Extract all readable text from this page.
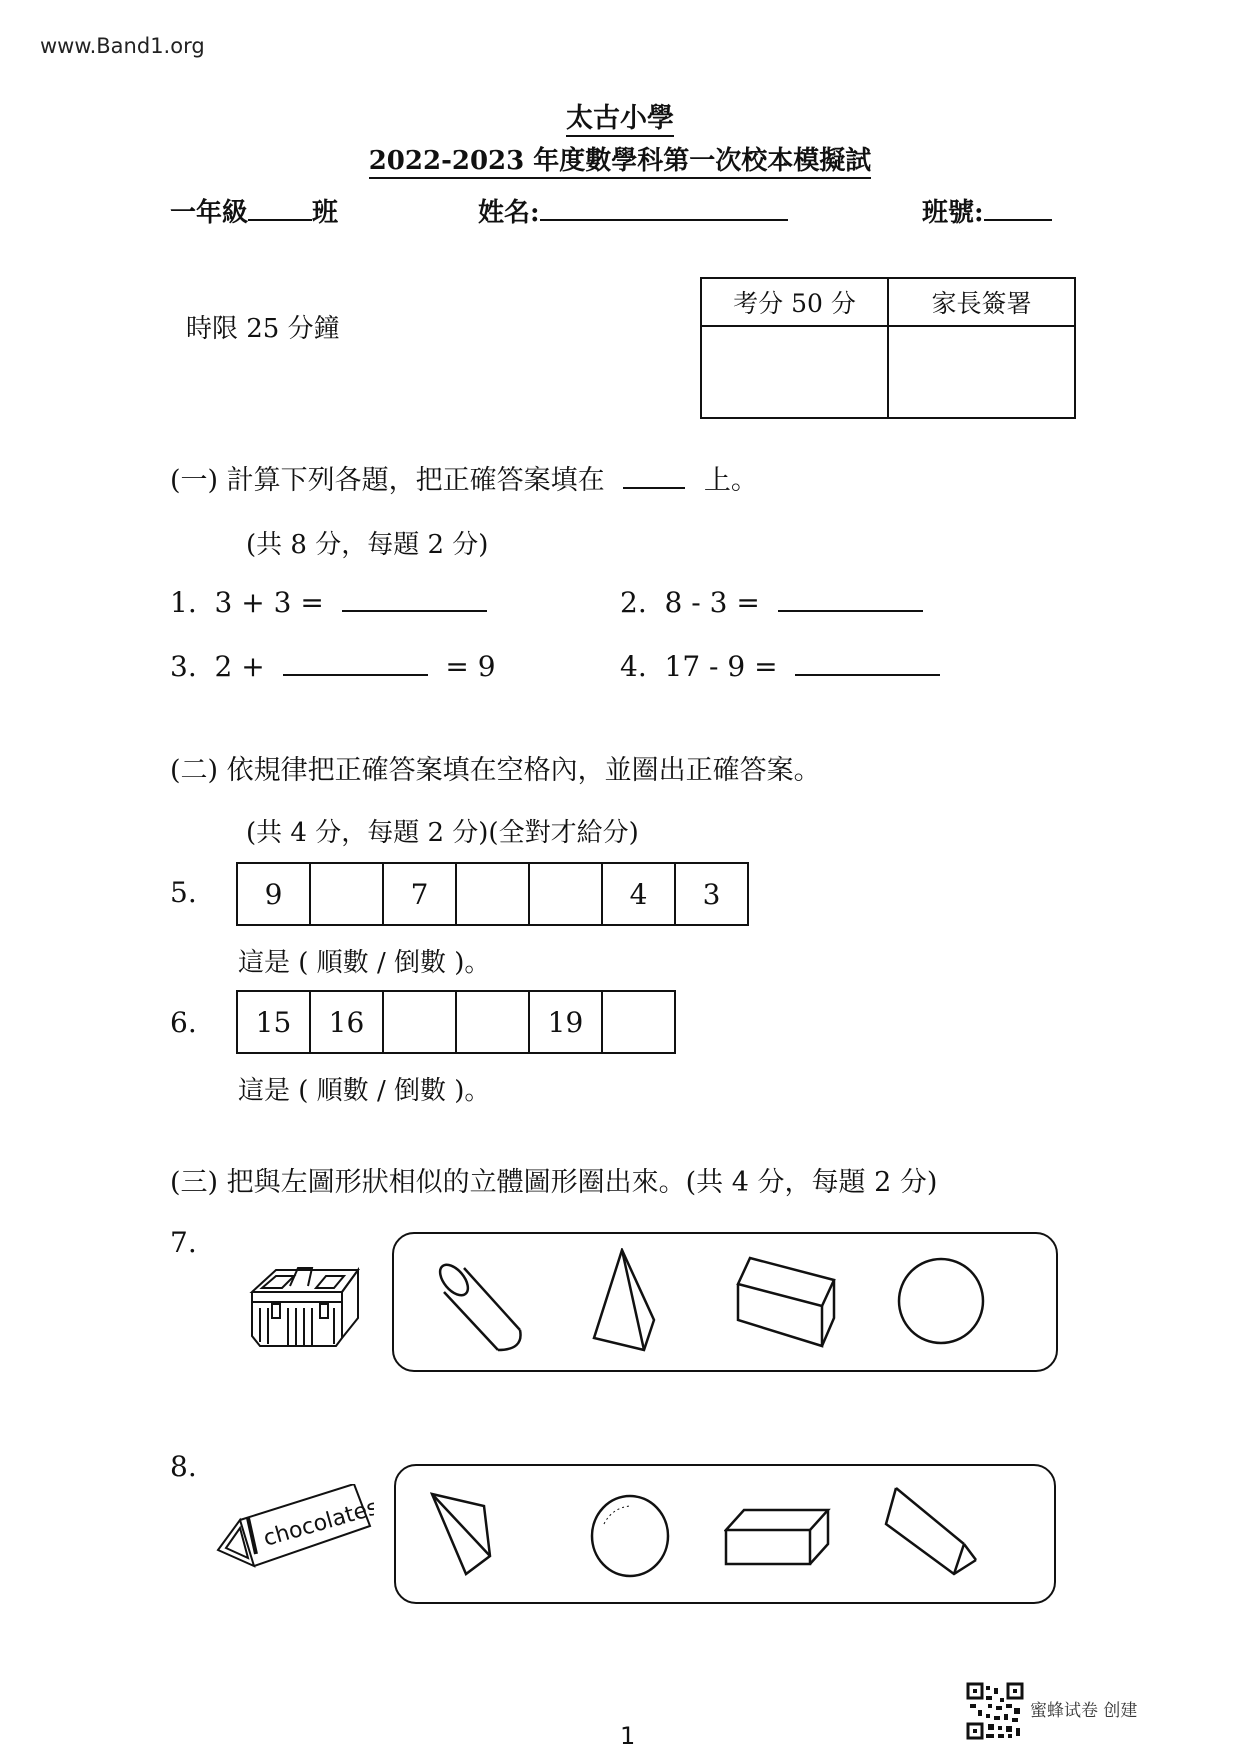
www.Band1.org
太古小學
2022-2023 年度數學科第一次校本模擬試
一年級 班	姓名:	班號:
時限 25 分鐘
考分 50 分	家長簽署

(一) 計算下列各題，把正確答案填在	上。
(共 8 分，每題 2 分)
1. 3 + 3 =	2. 8 - 3 =
3. 2 +	= 9	4. 17 - 9 =
(二) 依規律把正確答案填在空格內，並圈出正確答案。
(共 4 分，每題 2 分)(全對才給分)
5. 9		7			4	3
這是 ( 順數 / 倒數 )。
6. 15	16			19	
這是 ( 順數 / 倒數 )。
(三) 把與左圖形狀相似的立體圖形圈出來。(共 4 分，每題 2 分)
7.
8.
chocolates
1
蜜蜂试卷 创建
